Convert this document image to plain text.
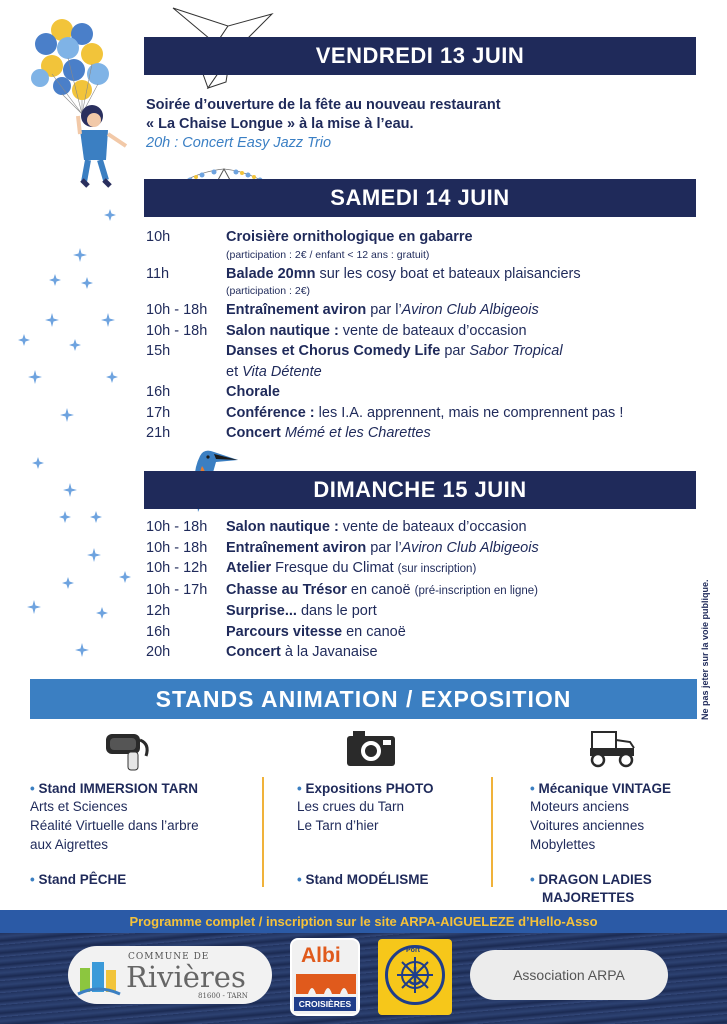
VENDREDI 13 JUIN
Soirée d’ouverture de la fête au nouveau restaurant
« La Chaise Longue » à la mise à l’eau.
20h : Concert Easy Jazz Trio
SAMEDI 14 JUIN
10h	Croisière ornithologique en gabarre
(participation : 2€ / enfant < 12 ans : gratuit)
11h	Balade 20mn sur les cosy boat et bateaux plaisanciers
(participation : 2€)
10h - 18h	Entraînement aviron par l’Aviron Club Albigeois
10h - 18h	Salon nautique : vente de bateaux d’occasion
15h	Danses et Chorus Comedy Life par Sabor Tropical
et Vita Détente
16h	Chorale
17h	Conférence : les I.A. apprennent, mais ne comprennent pas !
21h	Concert Mémé et les Charettes
DIMANCHE 15 JUIN
10h - 18h	Salon nautique : vente de bateaux d’occasion
10h - 18h	Entraînement aviron par l’Aviron Club Albigeois
10h - 12h	Atelier Fresque du Climat (sur inscription)
10h - 17h	Chasse au Trésor en canoë (pré-inscription en ligne)
12h	Surprise... dans le port
16h	Parcours vitesse en canoë
20h	Concert à la Javanaise	Ne pas jeter sur la voie publique.
STANDS ANIMATION / EXPOSITION
• Stand IMMERSION TARN
Arts et Sciences
Réalité Virtuelle dans l’arbre
aux Aigrettes
• Stand PÊCHE
• Expositions PHOTO
Les crues du Tarn
Le Tarn d’hier
• Stand MODÉLISME
• Mécanique VINTAGE
Moteurs anciens
Voitures anciennes
Mobylettes
• DRAGON LADIES
MAJORETTES
Programme complet / inscription sur le site ARPA-AIGUELEZE d’Hello-Asso
COMMUNE DE
Rivières
81600 - TARN
Albi
CROISIÈRES
Port
Association ARPA
